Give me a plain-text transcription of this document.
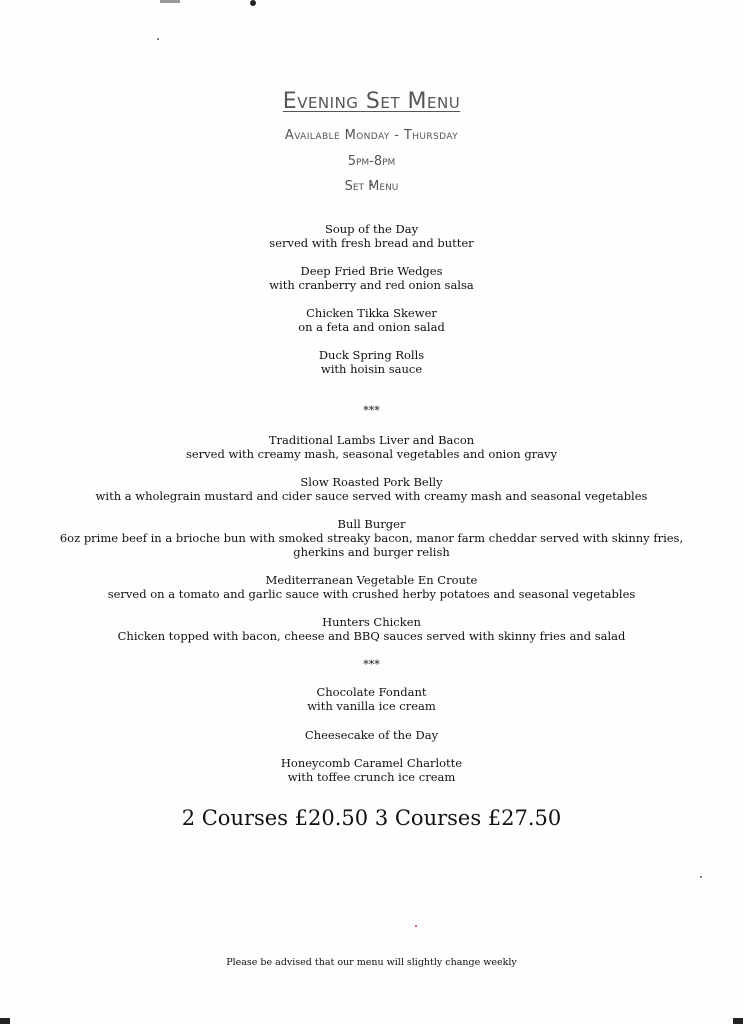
Evening Set Menu
Available Monday - Thursday
5pm-8pm
Set Menu
Soup of the Day
served with fresh bread and butter
Deep Fried Brie Wedges
with cranberry and red onion salsa
Chicken Tikka Skewer
on a feta and onion salad
Duck Spring Rolls
with hoisin sauce
***
Traditional Lambs Liver and Bacon
served with creamy mash, seasonal vegetables and onion gravy
Slow Roasted Pork Belly
with a wholegrain mustard and cider sauce served with creamy mash and seasonal vegetables
Bull Burger
6oz prime beef in a brioche bun with smoked streaky bacon, manor farm cheddar served with skinny fries,
gherkins and burger relish
Mediterranean Vegetable En Croute
served on a tomato and garlic sauce with crushed herby potatoes and seasonal vegetables
Hunters Chicken
Chicken topped with bacon, cheese and BBQ sauces served with skinny fries and salad
***
Chocolate Fondant
with vanilla ice cream
Cheesecake of the Day
Honeycomb Caramel Charlotte
with toffee crunch ice cream
2 Courses £20.50 3 Courses £27.50
Please be advised that our menu will slightly change weekly
